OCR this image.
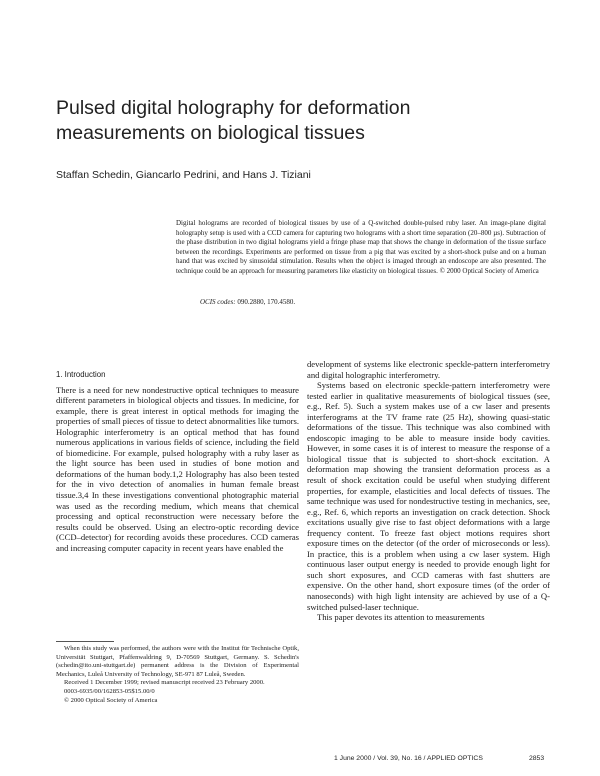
Pulsed digital holography for deformation
measurements on biological tissues
Staffan Schedin, Giancarlo Pedrini, and Hans J. Tiziani

Digital holograms are recorded of biological tissues by use of a Q-switched double-pulsed ruby laser. An image-plane digital holography setup is used with a CCD camera for capturing two holograms with a short time separation (20–800 µs). Subtraction of the phase distribution in two digital holograms yield a fringe phase map that shows the change in deformation of the tissue surface between the recordings. Experiments are performed on tissue from a pig that was excited by a short-shock pulse and on a human hand that was excited by sinusoidal stimulation. Results when the object is imaged through an endoscope are also presented. The technique could be an approach for measuring parameters like elasticity on biological tissues. © 2000 Optical Society of America

OCIS codes: 090.2880, 170.4580.
1. Introduction

There is a need for new nondestructive optical techniques to measure different parameters in biological objects and tissues. In medicine, for example, there is great interest in optical methods for imaging the properties of small pieces of tissue to detect abnormalities like tumors. Holographic interferometry is an optical method that has found numerous applications in various fields of science, including the field of biomedicine. For example, pulsed holography with a ruby laser as the light source has been used in studies of bone motion and deformations of the human body.1,2 Holography has also been tested for the in vivo detection of anomalies in human female breast tissue.3,4 In these investigations conventional photographic material was used as the recording medium, which means that chemical processing and optical reconstruction were necessary before the results could be observed. Using an electro-optic recording device (CCD–detector) for recording avoids these procedures. CCD cameras and increasing computer capacity in recent years have enabled the

When this study was performed, the authors were with the Institut für Technische Optik, Universität Stuttgart, Pfaffenwaldring 9, D-70569 Stuttgart, Germany. S. Schedin's (schedin@ito.uni-stuttgart.de) permanent address is the Division of Experimental Mechanics, Luleå University of Technology, SE-971 87 Luleå, Sweden.

Received 1 December 1999; revised manuscript received 23 February 2000.

0003-6935/00/162853-05$15.00/0

© 2000 Optical Society of America

development of systems like electronic speckle-pattern interferometry and digital holographic interferometry.

Systems based on electronic speckle-pattern interferometry were tested earlier in qualitative measurements of biological tissues (see, e.g., Ref. 5). Such a system makes use of a cw laser and presents interferograms at the TV frame rate (25 Hz), showing quasi-static deformations of the tissue. This technique was also combined with endoscopic imaging to be able to measure inside body cavities. However, in some cases it is of interest to measure the response of a biological tissue that is subjected to short-shock excitation. A deformation map showing the transient deformation process as a result of shock excitation could be useful when studying different properties, for example, elasticities and local defects of tissues. The same technique was used for nondestructive testing in mechanics, see, e.g., Ref. 6, which reports an investigation on crack detection. Shock excitations usually give rise to fast object deformations with a large frequency content. To freeze fast object motions requires short exposure times on the detector (of the order of microseconds or less). In practice, this is a problem when using a cw laser system. High continuous laser output energy is needed to provide enough light for such short exposures, and CCD cameras with fast shutters are expensive. On the other hand, short exposure times (of the order of nanoseconds) with high light intensity are achieved by use of a Q-switched pulsed-laser technique.

This paper devotes its attention to measurements

1 June 2000 / Vol. 39, No. 16 / APPLIED OPTICS	2853
